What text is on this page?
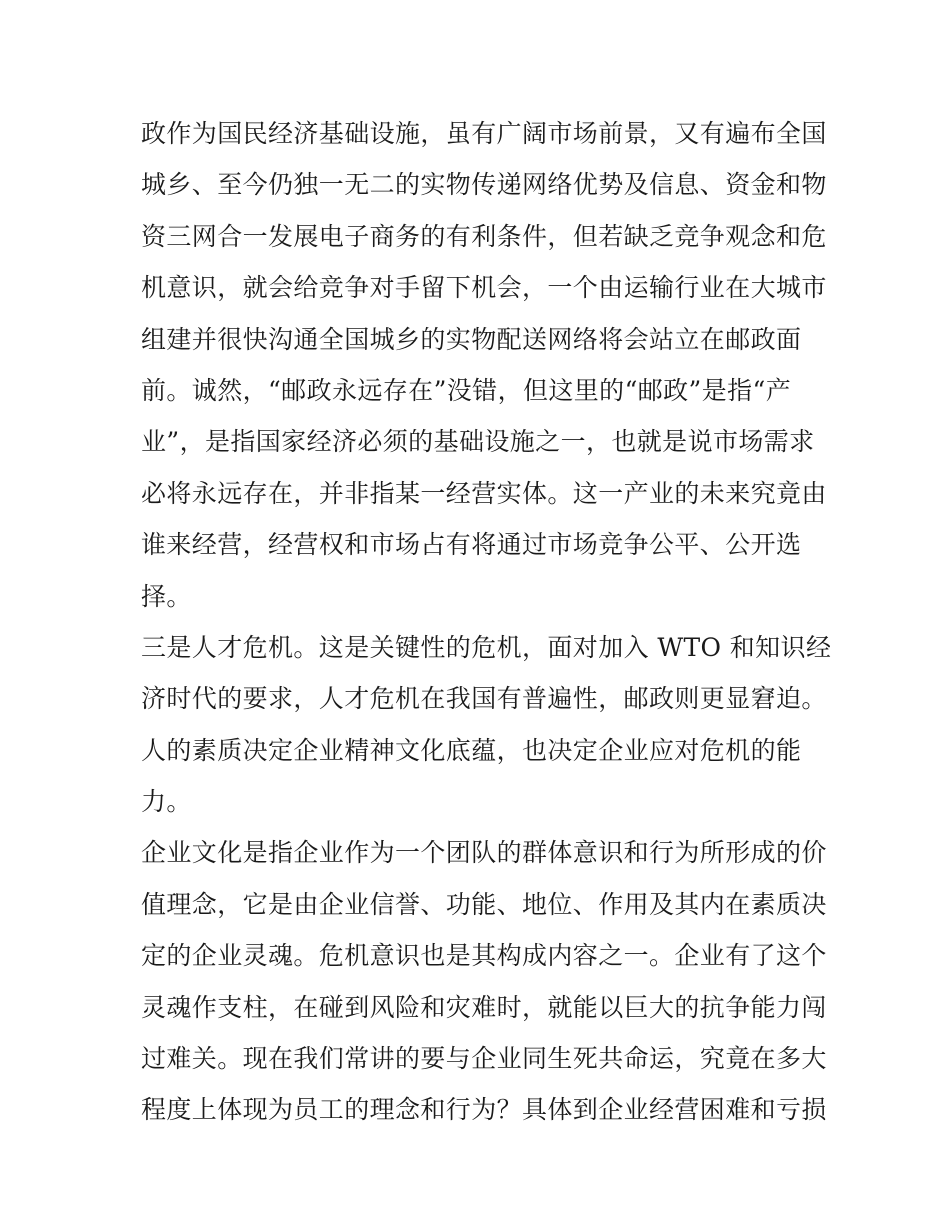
政作为国民经济基础设施，虽有广阔市场前景，又有遍布全国
城乡、至今仍独一无二的实物传递网络优势及信息、资金和物
资三网合一发展电子商务的有利条件，但若缺乏竞争观念和危
机意识，就会给竞争对手留下机会，一个由运输行业在大城市
组建并很快沟通全国城乡的实物配送网络将会站立在邮政面
前。诚然，“邮政永远存在”没错，但这里的“邮政”是指“产
业”，是指国家经济必须的基础设施之一，也就是说市场需求
必将永远存在，并非指某一经营实体。这一产业的未来究竟由
谁来经营，经营权和市场占有将通过市场竞争公平、公开选
择。
三是人才危机。这是关键性的危机，面对加入 WTO 和知识经
济时代的要求，人才危机在我国有普遍性，邮政则更显窘迫。
人的素质决定企业精神文化底蕴，也决定企业应对危机的能
力。
企业文化是指企业作为一个团队的群体意识和行为所形成的价
值理念，它是由企业信誉、功能、地位、作用及其内在素质决
定的企业灵魂。危机意识也是其构成内容之一。企业有了这个
灵魂作支柱，在碰到风险和灾难时，就能以巨大的抗争能力闯
过难关。现在我们常讲的要与企业同生死共命运，究竟在多大
程度上体现为员工的理念和行为？具体到企业经营困难和亏损
